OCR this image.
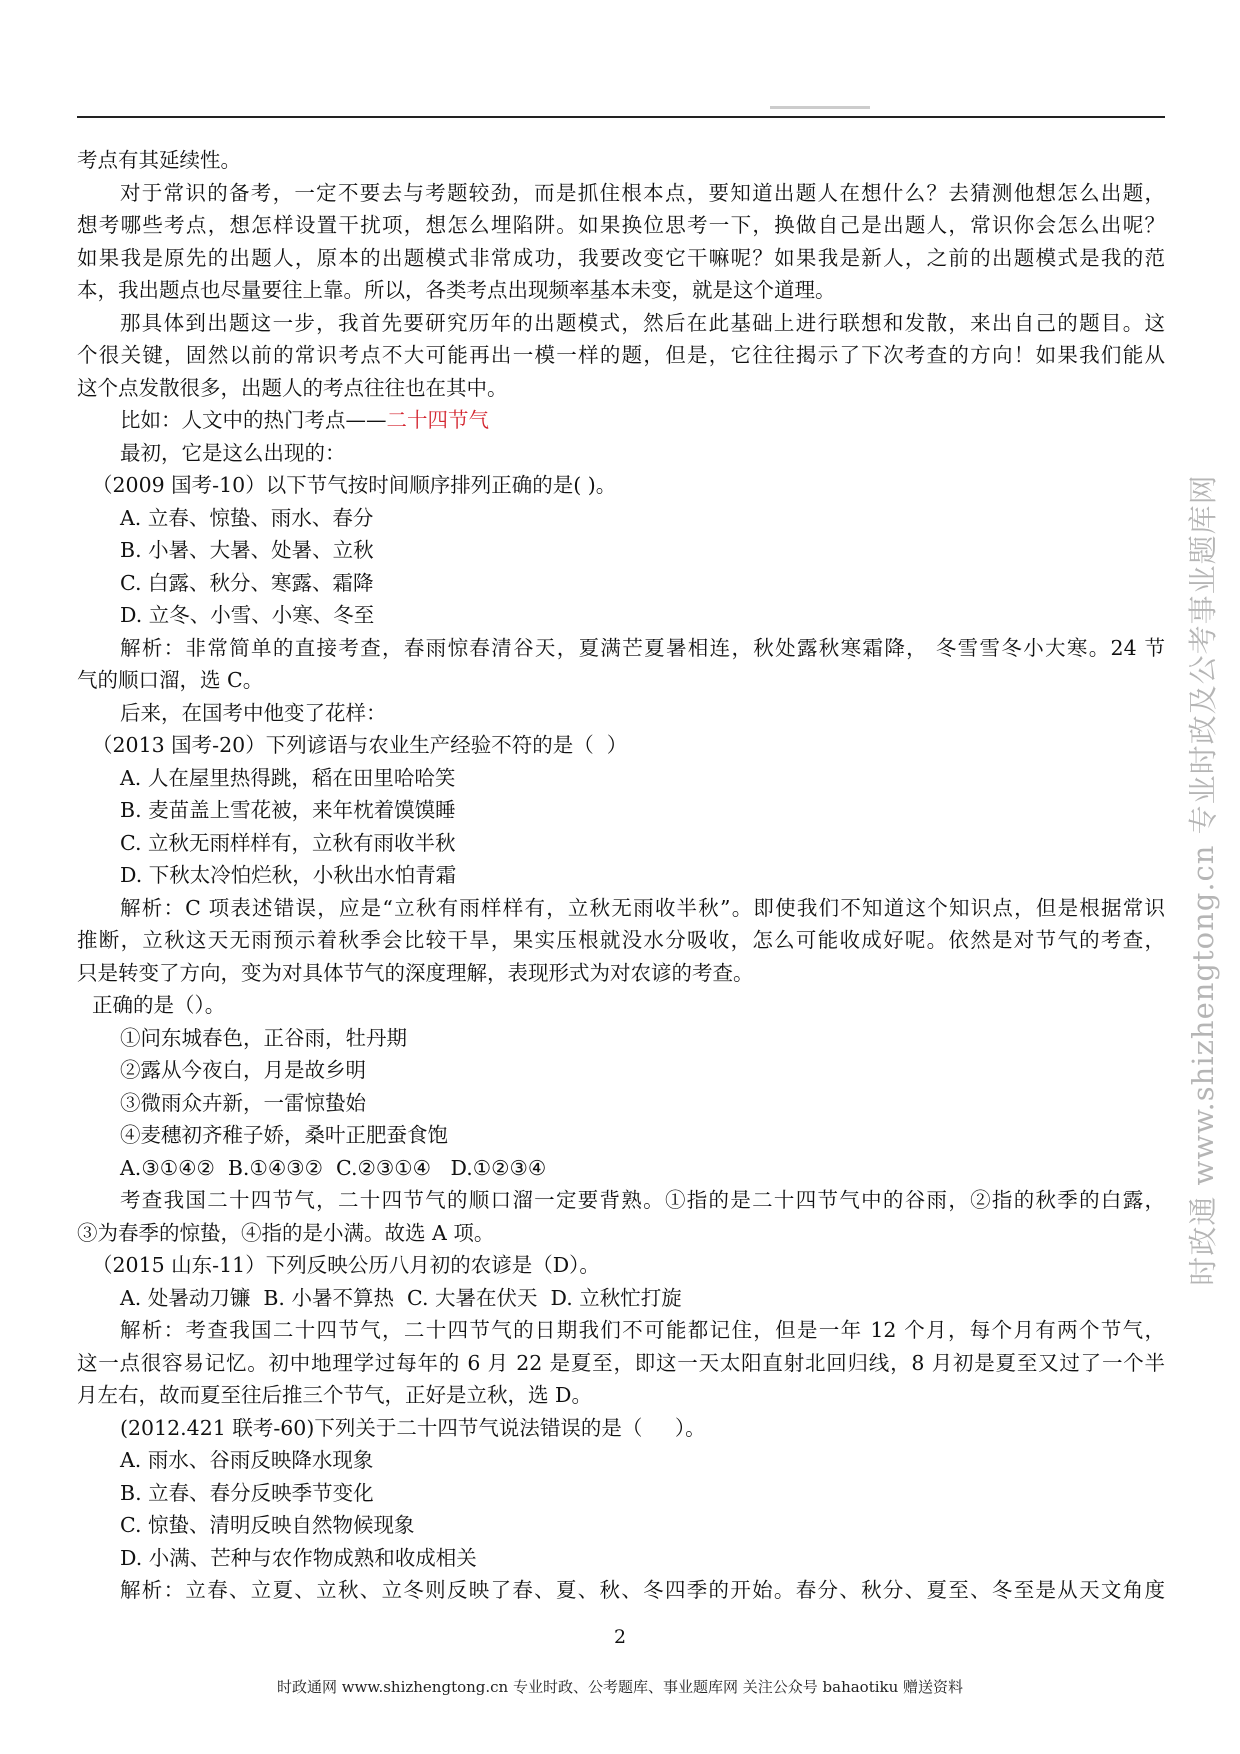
时政通 www.shizhengtong.cn 专业时政及公考事业题库网
考点有其延续性。
对于常识的备考，一定不要去与考题较劲，而是抓住根本点，要知道出题人在想什么？去猜测他想怎么出题，
想考哪些考点，想怎样设置干扰项，想怎么埋陷阱。如果换位思考一下，换做自己是出题人，常识你会怎么出呢？
如果我是原先的出题人，原本的出题模式非常成功，我要改变它干嘛呢？如果我是新人，之前的出题模式是我的范
本，我出题点也尽量要往上靠。所以，各类考点出现频率基本未变，就是这个道理。
那具体到出题这一步，我首先要研究历年的出题模式，然后在此基础上进行联想和发散，来出自己的题目。这
个很关键，固然以前的常识考点不大可能再出一模一样的题，但是，它往往揭示了下次考查的方向！如果我们能从
这个点发散很多，出题人的考点往往也在其中。
比如：人文中的热门考点——二十四节气
最初，它是这么出现的：
（2009 国考-10）以下节气按时间顺序排列正确的是( )。
A. 立春、惊蛰、雨水、春分
B. 小暑、大暑、处暑、立秋
C. 白露、秋分、寒露、霜降
D. 立冬、小雪、小寒、冬至
解析：非常简单的直接考查，春雨惊春清谷天，夏满芒夏暑相连，秋处露秋寒霜降， 冬雪雪冬小大寒。24 节
气的顺口溜，选 C。
后来，在国考中他变了花样：
（2013 国考-20）下列谚语与农业生产经验不符的是（  ）
A. 人在屋里热得跳，稻在田里哈哈笑
B. 麦苗盖上雪花被，来年枕着馍馍睡
C. 立秋无雨样样有，立秋有雨收半秋
D. 下秋太冷怕烂秋，小秋出水怕青霜
解析：C 项表述错误，应是“立秋有雨样样有，立秋无雨收半秋”。即使我们不知道这个知识点，但是根据常识
推断，立秋这天无雨预示着秋季会比较干旱，果实压根就没水分吸收，怎么可能收成好呢。依然是对节气的考查，
只是转变了方向，变为对具体节气的深度理解，表现形式为对农谚的考查。
正确的是（）。
①问东城春色，正谷雨，牡丹期
②露从今夜白，月是故乡明
③微雨众卉新，一雷惊蛰始
④麦穗初齐稚子娇，桑叶正肥蚕食饱
A.③①④②  B.①④③②  C.②③①④   D.①②③④
考查我国二十四节气，二十四节气的顺口溜一定要背熟。①指的是二十四节气中的谷雨，②指的秋季的白露，
③为春季的惊蛰，④指的是小满。故选 A 项。
（2015 山东-11）下列反映公历八月初的农谚是（D）。
A. 处暑动刀镰  B. 小暑不算热  C. 大暑在伏天  D. 立秋忙打旋
解析：考查我国二十四节气，二十四节气的日期我们不可能都记住，但是一年 12 个月，每个月有两个节气，
这一点很容易记忆。初中地理学过每年的 6 月 22 是夏至，即这一天太阳直射北回归线，8 月初是夏至又过了一个半
月左右，故而夏至往后推三个节气，正好是立秋，选 D。
(2012.421 联考-60)下列关于二十四节气说法错误的是（     ）。
A. 雨水、谷雨反映降水现象
B. 立春、春分反映季节变化
C. 惊蛰、清明反映自然物候现象
D. 小满、芒种与农作物成熟和收成相关
解析：立春、立夏、立秋、立冬则反映了春、夏、秋、冬四季的开始。春分、秋分、夏至、冬至是从天文角度
2
时政通网 www.shizhengtong.cn 专业时政、公考题库、事业题库网 关注公众号 bahaotiku 赠送资料
